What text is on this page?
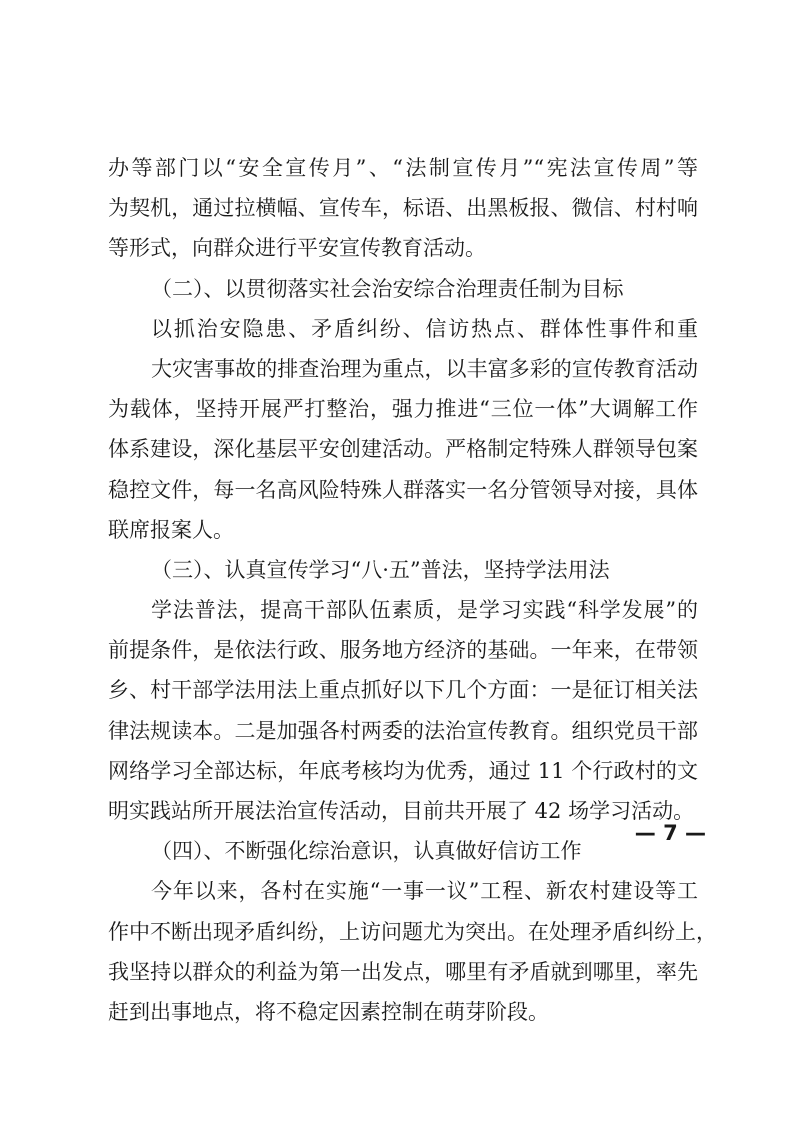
办等部门以“安全宣传月”、“法制宣传月”“宪法宣传周”等
为契机，通过拉横幅、宣传车，标语、出黑板报、微信、村村响
等形式，向群众进行平安宣传教育活动。
（二）、以贯彻落实社会治安综合治理责任制为目标
以抓治安隐患、矛盾纠纷、信访热点、群体性事件和重
大灾害事故的排查治理为重点，以丰富多彩的宣传教育活动
为载体，坚持开展严打整治，强力推进“三位一体”大调解工作
体系建设，深化基层平安创建活动。严格制定特殊人群领导包案
稳控文件，每一名高风险特殊人群落实一名分管领导对接，具体
联席报案人。
（三）、认真宣传学习“八·五”普法，坚持学法用法
学法普法，提高干部队伍素质，是学习实践“科学发展”的
前提条件，是依法行政、服务地方经济的基础。一年来，在带领
乡、村干部学法用法上重点抓好以下几个方面：一是征订相关法
律法规读本。二是加强各村两委的法治宣传教育。组织党员干部
网络学习全部达标，年底考核均为优秀，通过 11 个行政村的文
明实践站所开展法治宣传活动，目前共开展了 42 场学习活动。
（四）、不断强化综治意识，认真做好信访工作
今年以来，各村在实施“一事一议”工程、新农村建设等工
作中不断出现矛盾纠纷，上访问题尤为突出。在处理矛盾纠纷上，
我坚持以群众的利益为第一出发点，哪里有矛盾就到哪里，率先
赶到出事地点，将不稳定因素控制在萌芽阶段。
— 7 —
